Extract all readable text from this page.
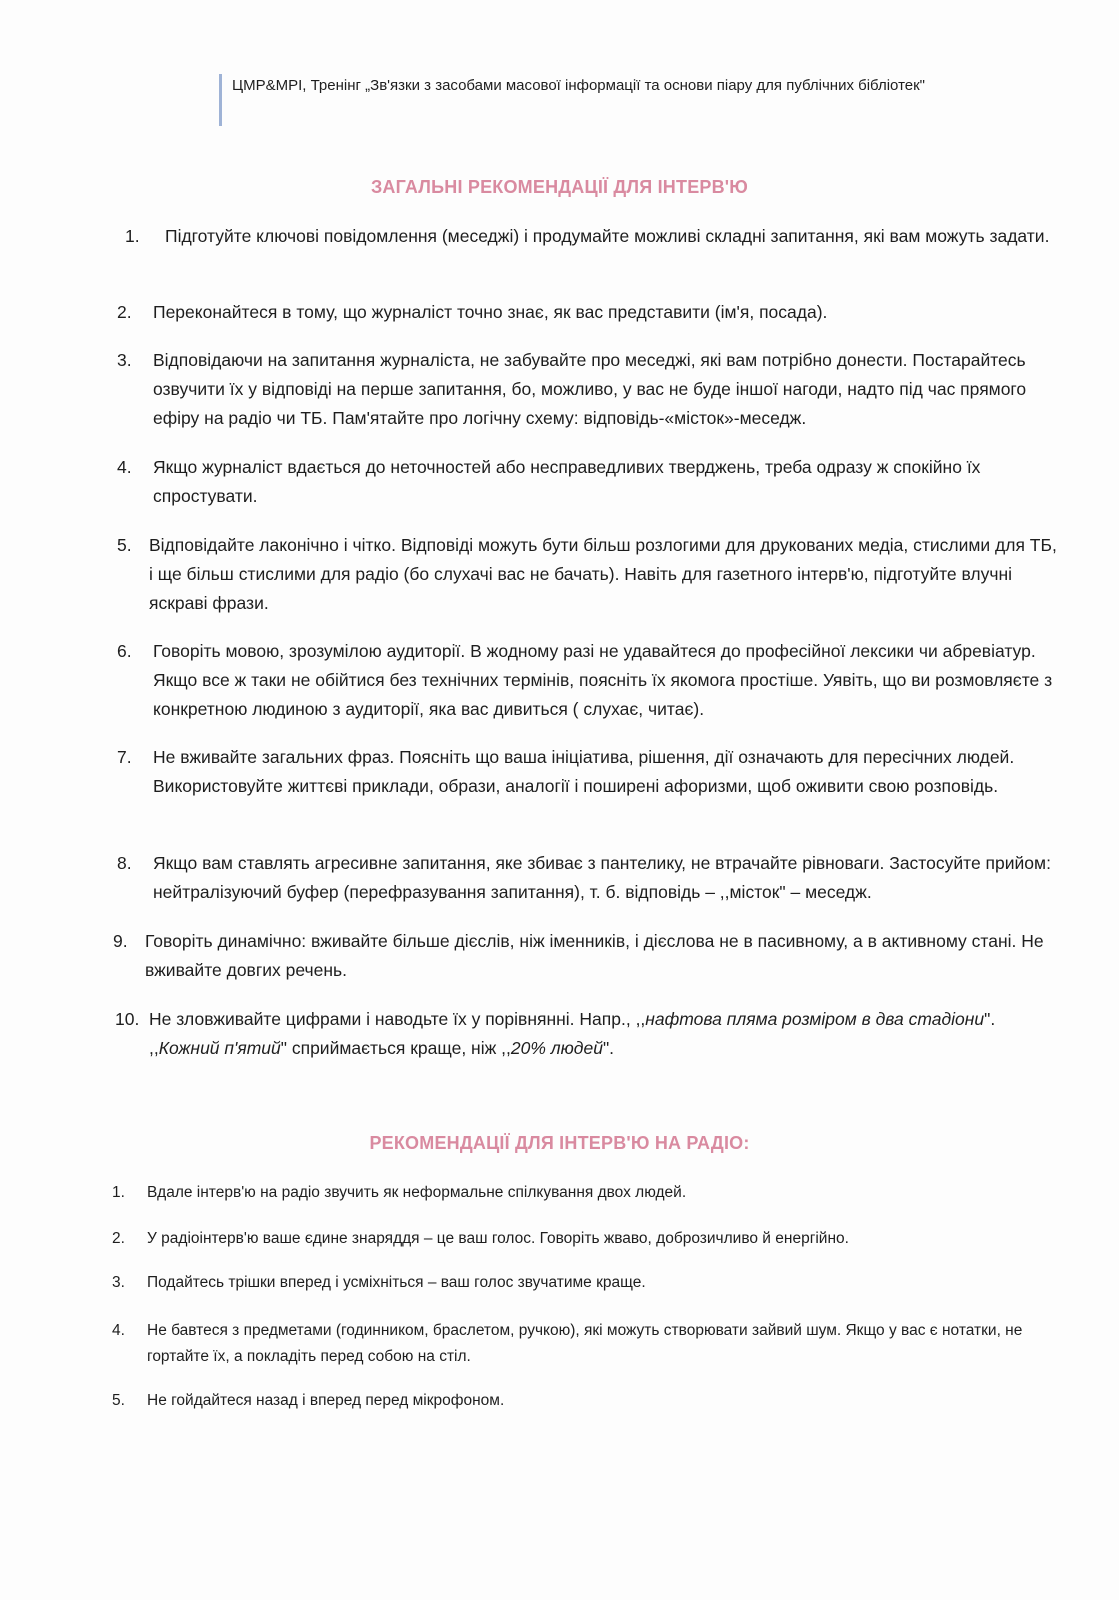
ЦМР&МРІ, Тренінг „Зв'язки з засобами масової інформації та основи піару для публічних бібліотек"
ЗАГАЛЬНІ РЕКОМЕНДАЦІЇ ДЛЯ ІНТЕРВ'Ю
1.	Підготуйте ключові повідомлення (меседжі) і продумайте можливі складні запитання, які вам можуть задати.
2.	Переконайтеся в тому, що журналіст точно знає, як вас представити (ім'я, посада).
3.	Відповідаючи на запитання журналіста, не забувайте про меседжі, які вам потрібно донести. Постарайтесь озвучити їх у відповіді на перше запитання, бо, можливо, у вас не буде іншої нагоди, надто під час прямого ефіру на радіо чи ТБ. Пам'ятайте про логічну схему: відповідь-«місток»-меседж.
4.	Якщо журналіст вдається до неточностей або несправедливих тверджень, треба одразу ж спокійно їх спростувати.
5. Відповідайте лаконічно і чітко. Відповіді можуть бути більш розлогими для друкованих медіа, стислими для ТБ, і ще більш стислими для радіо (бо слухачі вас не бачать). Навіть для газетного інтерв'ю, підготуйте влучні яскраві фрази.
6.	Говоріть мовою, зрозумілою аудиторії. В жодному разі не удавайтеся до професійної лексики чи абревіатур. Якщо все ж таки не обійтися без технічних термінів, поясніть їх якомога простіше. Уявіть, що ви розмовляєте з конкретною людиною з аудиторії, яка вас дивиться ( слухає, читає).
7.	Не вживайте загальних фраз. Поясніть що ваша ініціатива, рішення, дії означають для пересічних людей. Використовуйте життєві приклади, образи, аналогії і поширені афоризми, щоб оживити свою розповідь.
8.	Якщо вам ставлять агресивне запитання, яке збиває з пантелику, не втрачайте рівноваги. Застосуйте прийом: нейтралізуючий буфер (перефразування запитання), т. б. відповідь – ,,місток" – меседж.
9. Говоріть динамічно: вживайте більше дієслів, ніж іменників, і дієслова не в пасивному, а в активному стані. Не вживайте довгих речень.
10. Не зловживайте цифрами і наводьте їх у порівнянні. Напр., ,,нафтова пляма розміром в два стадіони". ,,Кожний п'ятий" сприймається краще, ніж ,,20% людей".
РЕКОМЕНДАЦІЇ ДЛЯ ІНТЕРВ'Ю НА РАДІО:
1.	Вдале інтерв'ю на радіо звучить як неформальне спілкування двох людей.
2.	У радіоінтерв'ю ваше єдине знаряддя – це ваш голос. Говоріть жваво, доброзичливо й енергійно.
3.	Подайтесь трішки вперед і усміхніться – ваш голос звучатиме краще.
4.	Не бавтеся з предметами (годинником, браслетом, ручкою), які можуть створювати зайвий шум. Якщо у вас є нотатки, не гортайте їх, а покладіть перед собою на стіл.
5.	Не гойдайтеся назад і вперед перед мікрофоном.
